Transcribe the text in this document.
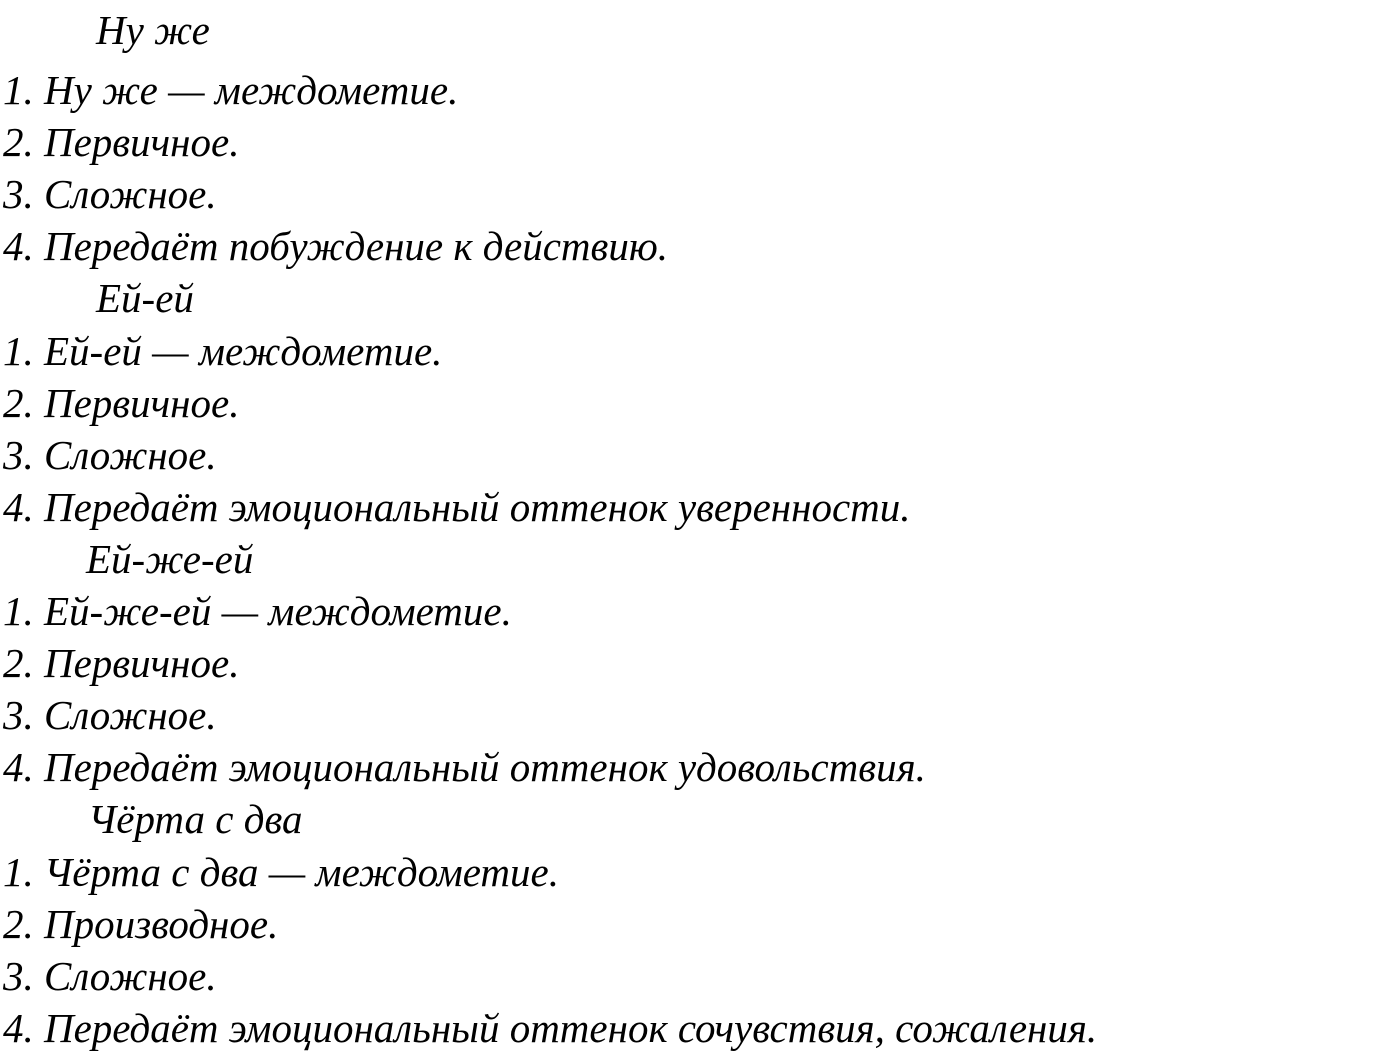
Ну же
1. Ну же — междометие.
2. Первичное.
3. Сложное.
4. Передаёт побуждение к действию.
Ей-ей
1. Ей-ей — междометие.
2. Первичное.
3. Сложное.
4. Передаёт эмоциональный оттенок уверенности.
Ей-же-ей
1. Ей-же-ей — междометие.
2. Первичное.
3. Сложное.
4. Передаёт эмоциональный оттенок удовольствия.
Чёрта с два
1. Чёрта с два — междометие.
2. Производное.
3. Сложное.
4. Передаёт эмоциональный оттенок сочувствия, сожаления.
